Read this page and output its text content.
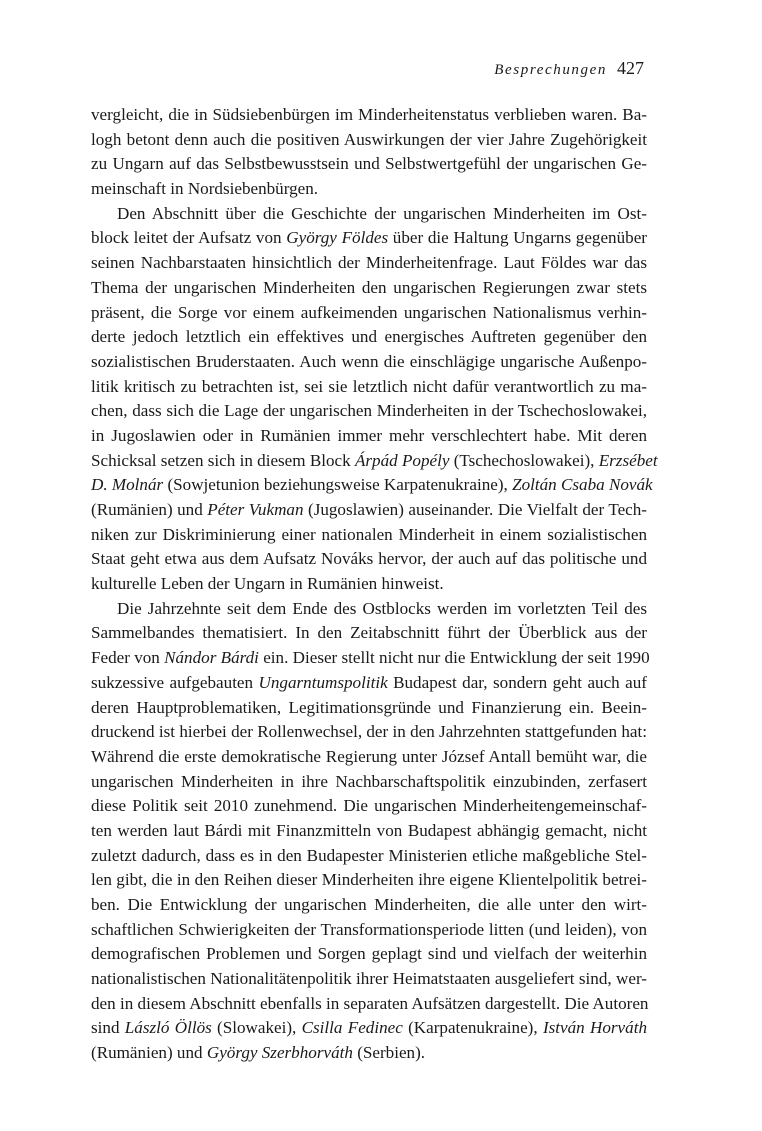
Besprechungen 427
vergleicht, die in Südsiebenbürgen im Minderheitenstatus verblieben waren. Ba-
logh betont denn auch die positiven Auswirkungen der vier Jahre Zugehörigkeit
zu Ungarn auf das Selbstbewusstsein und Selbstwertgefühl der ungarischen Ge-
meinschaft in Nordsiebenbürgen.
Den Abschnitt über die Geschichte der ungarischen Minderheiten im Ost-
block leitet der Aufsatz von György Földes über die Haltung Ungarns gegenüber
seinen Nachbarstaaten hinsichtlich der Minderheitenfrage. Laut Földes war das
Thema der ungarischen Minderheiten den ungarischen Regierungen zwar stets
präsent, die Sorge vor einem aufkeimenden ungarischen Nationalismus verhin-
derte jedoch letztlich ein effektives und energisches Auftreten gegenüber den
sozialistischen Bruderstaaten. Auch wenn die einschlägige ungarische Außenpo-
litik kritisch zu betrachten ist, sei sie letztlich nicht dafür verantwortlich zu ma-
chen, dass sich die Lage der ungarischen Minderheiten in der Tschechoslowakei,
in Jugoslawien oder in Rumänien immer mehr verschlechtert habe. Mit deren
Schicksal setzen sich in diesem Block Árpád Popély (Tschechoslowakei), Erzsébet
D. Molnár (Sowjetunion beziehungsweise Karpatenukraine), Zoltán Csaba Novák
(Rumänien) und Péter Vukman (Jugoslawien) auseinander. Die Vielfalt der Tech-
niken zur Diskriminierung einer nationalen Minderheit in einem sozialistischen
Staat geht etwa aus dem Aufsatz Nováks hervor, der auch auf das politische und
kulturelle Leben der Ungarn in Rumänien hinweist.
Die Jahrzehnte seit dem Ende des Ostblocks werden im vorletzten Teil des
Sammelbandes thematisiert. In den Zeitabschnitt führt der Überblick aus der
Feder von Nándor Bárdi ein. Dieser stellt nicht nur die Entwicklung der seit 1990
sukzessive aufgebauten Ungarntumspolitik Budapest dar, sondern geht auch auf
deren Hauptproblematiken, Legitimationsgründe und Finanzierung ein. Beein-
druckend ist hierbei der Rollenwechsel, der in den Jahrzehnten stattgefunden hat:
Während die erste demokratische Regierung unter József Antall bemüht war, die
ungarischen Minderheiten in ihre Nachbarschaftspolitik einzubinden, zerfasert
diese Politik seit 2010 zunehmend. Die ungarischen Minderheitengemeinschaf-
ten werden laut Bárdi mit Finanzmitteln von Budapest abhängig gemacht, nicht
zuletzt dadurch, dass es in den Budapester Ministerien etliche maßgebliche Stel-
len gibt, die in den Reihen dieser Minderheiten ihre eigene Klientelpolitik betrei-
ben. Die Entwicklung der ungarischen Minderheiten, die alle unter den wirt-
schaftlichen Schwierigkeiten der Transformationsperiode litten (und leiden), von
demografischen Problemen und Sorgen geplagt sind und vielfach der weiterhin
nationalistischen Nationalitätenpolitik ihrer Heimatstaaten ausgeliefert sind, wer-
den in diesem Abschnitt ebenfalls in separaten Aufsätzen dargestellt. Die Autoren
sind László Öllös (Slowakei), Csilla Fedinec (Karpatenukraine), István Horváth
(Rumänien) und György Szerbhorváth (Serbien).
